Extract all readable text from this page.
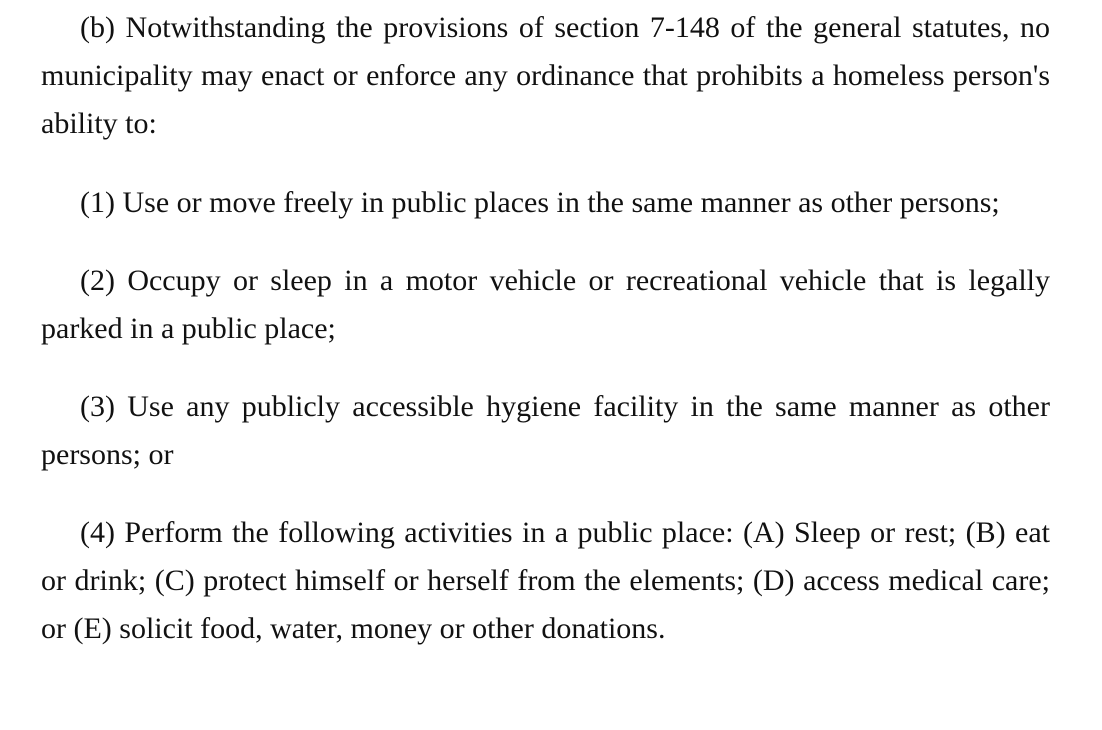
(b) Notwithstanding the provisions of section 7-148 of the general statutes, no municipality may enact or enforce any ordinance that prohibits a homeless person's ability to:

(1) Use or move freely in public places in the same manner as other persons;

(2) Occupy or sleep in a motor vehicle or recreational vehicle that is legally parked in a public place;

(3) Use any publicly accessible hygiene facility in the same manner as other persons; or

(4) Perform the following activities in a public place: (A) Sleep or rest; (B) eat or drink; (C) protect himself or herself from the elements; (D) access medical care; or (E) solicit food, water, money or other donations.
